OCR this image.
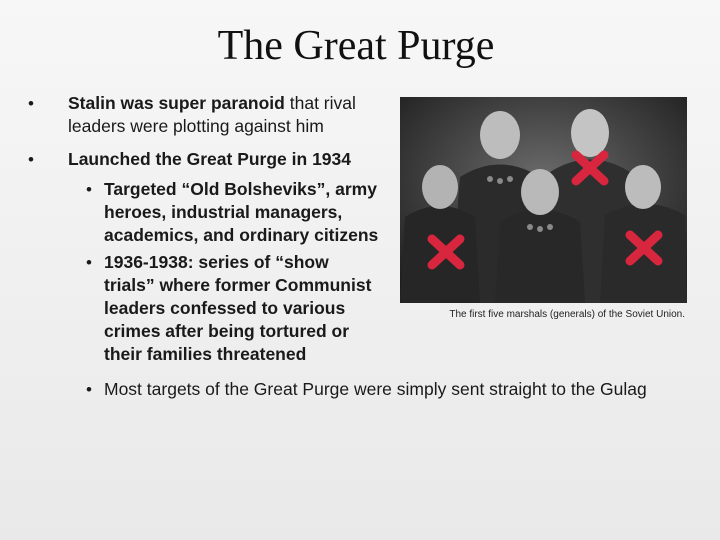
The Great Purge
• Stalin was super paranoid that rival leaders were plotting against him
• Launched the Great Purge in 1934
• Targeted “Old Bolsheviks”, army heroes, industrial managers, academics, and ordinary citizens
• 1936-1938: series of “show trials” where former Communist leaders confessed to various crimes after being tortured or their families threatened
• Most targets of the Great Purge were simply sent straight to the Gulag
The first five marshals (generals) of the Soviet Union.
